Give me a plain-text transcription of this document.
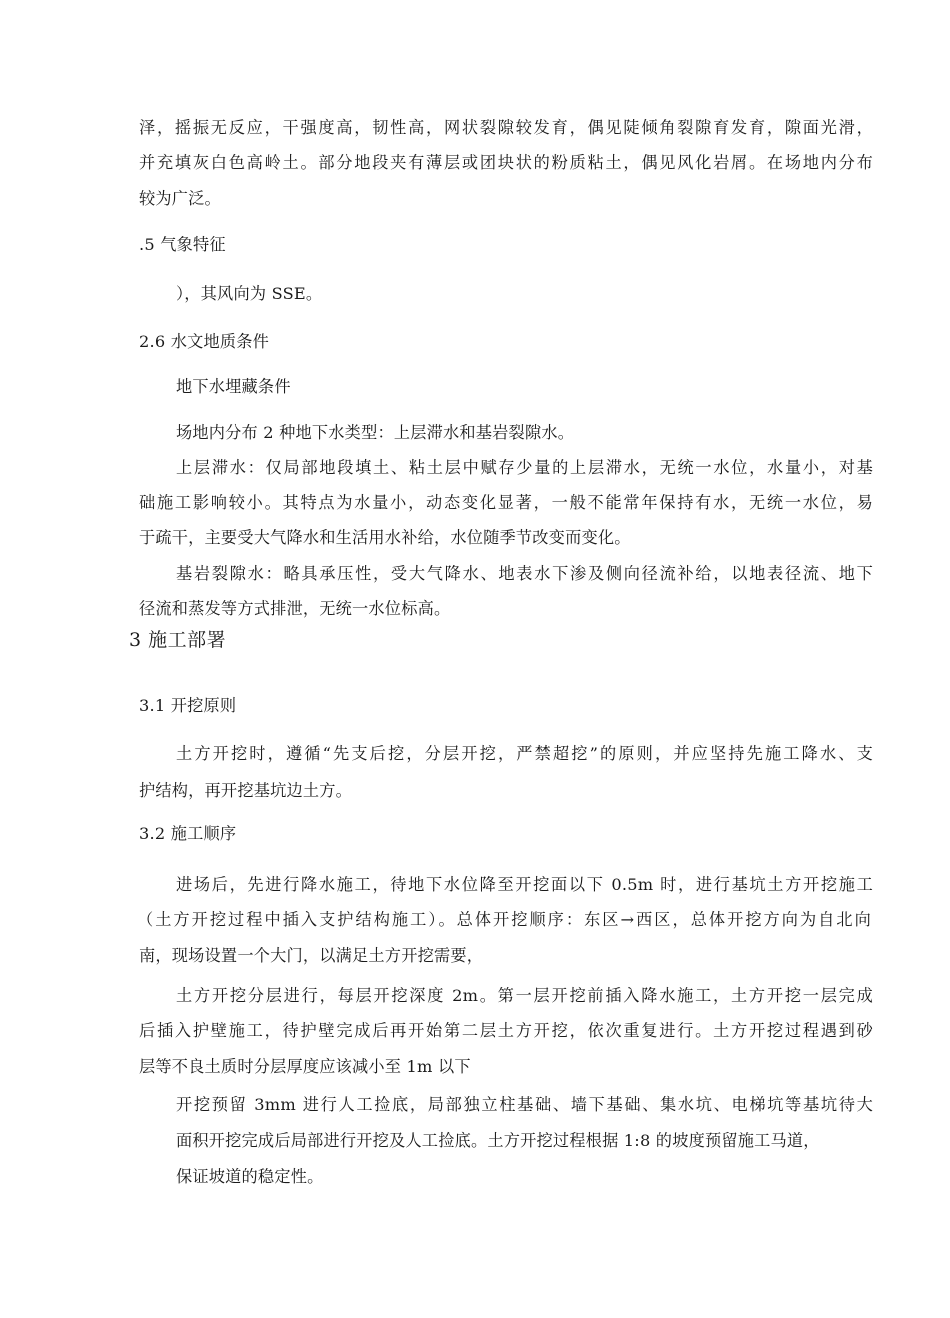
泽，摇振无反应，干强度高，韧性高，网状裂隙较发育，偶见陡倾角裂隙育发育，隙面光滑，
并充填灰白色高岭土。部分地段夹有薄层或团块状的粉质粘土，偶见风化岩屑。在场地内分布
较为广泛。
.5 气象特征
），其风向为 SSE。
2.6 水文地质条件
地下水埋藏条件
场地内分布 2 种地下水类型：上层滞水和基岩裂隙水。
上层滞水：仅局部地段填土、粘土层中赋存少量的上层滞水，无统一水位，水量小，对基
础施工影响较小。其特点为水量小，动态变化显著，一般不能常年保持有水，无统一水位，易
于疏干，主要受大气降水和生活用水补给，水位随季节改变而变化。
基岩裂隙水：略具承压性，受大气降水、地表水下渗及侧向径流补给，以地表径流、地下
径流和蒸发等方式排泄，无统一水位标高。
3 施工部署
3.1 开挖原则
土方开挖时，遵循“先支后挖，分层开挖，严禁超挖”的原则，并应坚持先施工降水、支
护结构，再开挖基坑边土方。
3.2 施工顺序
进场后，先进行降水施工，待地下水位降至开挖面以下 0.5m 时，进行基坑土方开挖施工
（土方开挖过程中插入支护结构施工）。总体开挖顺序：东区→西区，总体开挖方向为自北向
南，现场设置一个大门，以满足土方开挖需要，
土方开挖分层进行，每层开挖深度 2m。第一层开挖前插入降水施工，土方开挖一层完成
后插入护壁施工，待护壁完成后再开始第二层土方开挖，依次重复进行。土方开挖过程遇到砂
层等不良土质时分层厚度应该减小至 1m 以下
开挖预留 3mm 进行人工捡底，局部独立柱基础、墙下基础、集水坑、电梯坑等基坑待大
面积开挖完成后局部进行开挖及人工捡底。土方开挖过程根据 1:8 的坡度预留施工马道，
保证坡道的稳定性。
